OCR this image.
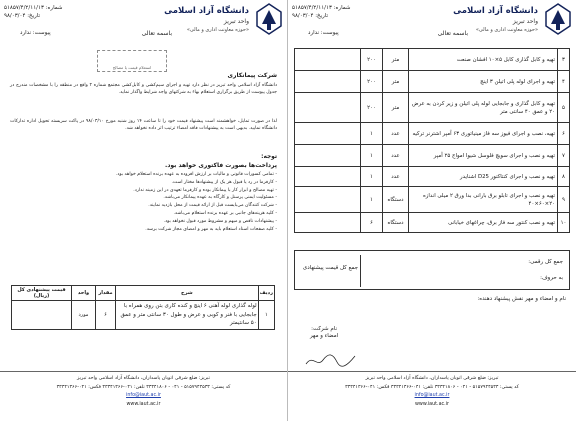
دانشگاه آزاد اسلامی
واحد تبریز
«حوزه معاونت اداری و مالی»
باسمه تعالی
شماره: ۵۱۸۵۷/۴/۲/۱۱/۱۳
تاریخ: ۹۸/۰۳/۰۴
پیوست: ندارد
استعلام قیمت یا مصالح
شرکت پیمانکاری
دانشگاه آزاد اسلامی واحد تبریز در نظر دارد تهیه و اجرای سیم‌کشی و کابل‌کشی مجتمع شماره ۲ واقع در منطقه را با مشخصات مندرج در جدول پیوست از طریق برگزاری استعلام بهاء به شرکتهای واجد شرایط واگذار نماید.
لذا در صورت تمایل، خواهشمند است پیشنهاد قیمت خود را تا ساعت ۱۴ روز شنبه مورخ ۹۸/۰۳/۱۰ در پاکت سربسته تحویل اداره تدارکات دانشگاه نمایید. بدیهی است به پیشنهادات فاقد امضاء ترتیب اثر داده نخواهد شد.
توجه:
پرداخت‌ها بصورت فاکتوری خواهد بود.
- تمامی کسورات قانونی و مالیات بر ارزش افزوده به عهده برنده استعلام خواهد بود.
- کارفرما در رد یا قبول هر یک از پیشنهادها مختار است.
- تهیه مصالح و ابزار کار با پیمانکار بوده و کارفرما تعهدی در این زمینه ندارد.
- مسئولیت ایمنی پرسنل و کارگاه به عهده پیمانکار می‌باشد.
- شرکت کنندگان می‌بایست قبل از ارائه قیمت از محل بازدید نمایند.
- کلیه هزینه‌های جانبی بر عهده برنده استعلام می‌باشد.
- پیشنهادات ناقص و مبهم و مشروط مورد قبول نخواهد بود.
- کلیه صفحات اسناد استعلام باید به مهر و امضای مجاز شرکت برسد.
ردیف	شرح	مقدار	واحد	قیمت پیشنهادی کل (ریال)
۱	لوله گذاری لوله آهنی ۶ اینچ و کنده کاری بتن روی همراه با جابجایی با فنر و کوبی و عرض و طول ۳۰ سانتی متر و عمق ۵۰ سانتیمتر	۶	مورد	
تبریز: ضلع شرقی اتوبان پاسداران، دانشگاه آزاد اسلامی واحد تبریز
کد پستی: ۵۱۵۷۹۴۴۵۳۳ - ۰۴۱ - ۳۳۳۴۱۸۰۶ تلفن: ۰۴۱-۳۳۳۴۱۳۶۶ فکس: ۰۴۱-۳۳۳۴۱۳۶۶
info@iaut.ac.ir
www.iaut.ac.ir
دانشگاه آزاد اسلامی
واحد تبریز
«حوزه معاونت اداری و مالی»
باسمه تعالی
شماره: ۵۱۸۵۷/۴/۲/۱۱/۱۳
تاریخ: ۹۸/۰۳/۰۴
پیوست: ندارد
۳	تهیه و کابل گذاری کابل ۵×۱۰ افشان صنعت	متر	۲۰۰	
۴	تهیه و اجرای لوله پلی اتیلن ۳ اینچ	متر	۲۰۰	
۵	تهیه و کابل گذاری و جابجایی لوله پلی اتیلن و زیر کردن به عرض ۲۰ و عمق ۴۰ سانتی متر	متر	۲۰۰	
۶	تهیه، نصب و اجرای فیوز سه فاز مینیاتوری ۶۳ آمپر اشترنر ترکیه	عدد	۱	
۷	تهیه و نصب و اجرای سویچ فلوسل شیوا امواج ۲۵ آمپر	عدد	۱	
۸	تهیه و نصب و اجرای کنتاکتور D25 اشنایدر	عدد	۱	
۹	تهیه و نصب و اجرای تابلو برق بارانی بدا ورق ۲ میلی اندازه ۲۰×۶۰×۴۰	دستگاه	۱	
۱۰	تهیه و نصب کنتور سه فاز برق، چراغهای خیابانی	دستگاه	۶	
جمع کل رقمی:
به حروف:
جمع کل قیمت پیشنهادی
نام و امضاء و مهر نفش پیشنهاد دهنده:
نام شرکت:
امضاء و مهر
تبریز: ضلع شرقی اتوبان پاسداران، دانشگاه آزاد اسلامی واحد تبریز
کد پستی: ۵۱۵۷۹۴۴۵۳۳ - ۰۴۱ - ۳۳۳۴۱۸۰۶ تلفن: ۰۴۱-۳۳۳۴۱۳۶۶ فکس: ۰۴۱-۳۳۳۴۱۳۶۶
info@iaut.ac.ir
www.iaut.ac.ir
